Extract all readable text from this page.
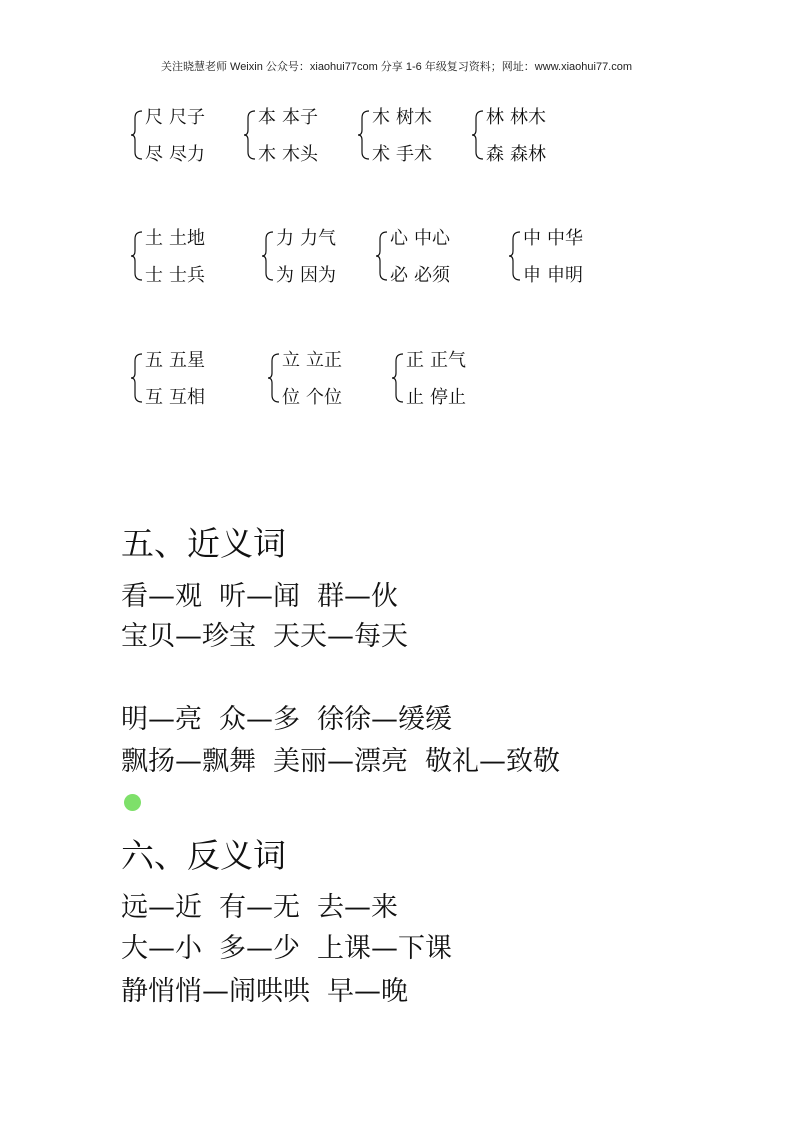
关注晓慧老师 Weixin 公众号：xiaohui77com 分享 1-6 年级复习资料；网址：www.xiaohui77.com
尺 尺子
尽 尽力
本 本子
木 木头
木 树木
术 手术
林 林木
森 森林
土 土地
士 士兵
力 力气
为 因为
心 中心
必 必须
中 中华
申 申明
五 五星
互 互相
立 立正
位 个位
正 正气
止 停止
五、近义词
看—观 听—闻 群—伙
宝贝—珍宝 天天—每天
明—亮 众—多 徐徐—缓缓
飘扬—飘舞 美丽—漂亮 敬礼—致敬
六、反义词
远—近 有—无 去—来
大—小 多—少 上课—下课
静悄悄—闹哄哄 早—晚
